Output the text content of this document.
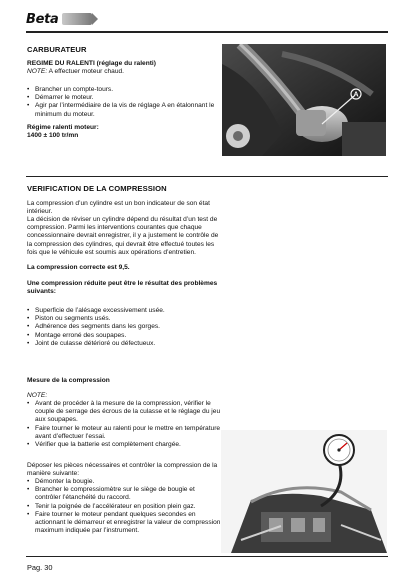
Beta
CARBURATEUR
REGIME DU RALENTI (réglage du ralenti)
NOTE: A effectuer moteur chaud.
• Brancher un compte-tours.
• Démarrer le moteur.
• Agir par l’intermédiaire de la vis de réglage A en étalonnant le minimum du moteur.
Régime ralenti moteur:
1400 ± 100 tr/mn
A
VERIFICATION DE LA COMPRESSION
La compression d’un cylindre est un bon indicateur de son état intérieur.
La décision de réviser un cylindre dépend du résultat d’un test de compression. Parmi les interventions courantes que chaque concessionnaire devrait enregistrer, il y a justement le contrôle de la compression des cylindres, qui devrait être effectué toutes les fois que le véhicule est soumis aux opérations d’entretien.
La compression correcte est 9,5.
Une compression réduite peut être le résultat des problèmes suivants:
• Superficie de l’alésage excessivement usée.
• Piston ou segments usés.
• Adhérence des segments dans les gorges.
• Montage erroné des soupapes.
• Joint de culasse détérioré ou défectueux.
Mesure de la compression
NOTE:
• Avant de procéder à la mesure de la compression, vérifier le couple de serrage des écrous de la culasse et le réglage du jeu aux soupapes.
• Faire tourner le moteur au ralenti pour le mettre en température avant d’effectuer l’essai.
• Vérifier que la batterie est complètement chargée.
Déposer les pièces nécessaires et contrôler la compression de la manière suivante:
• Démonter la bougie.
• Brancher le compressiomètre sur le siège de bougie et contrôler l’étanchéité du raccord.
• Tenir la poignée de l’accélérateur en position plein gaz.
• Faire tourner le moteur pendant quelques secondes en actionnant le démarreur et enregistrer la valeur de compression maximum indiquée par l’instrument.
Pag. 30
